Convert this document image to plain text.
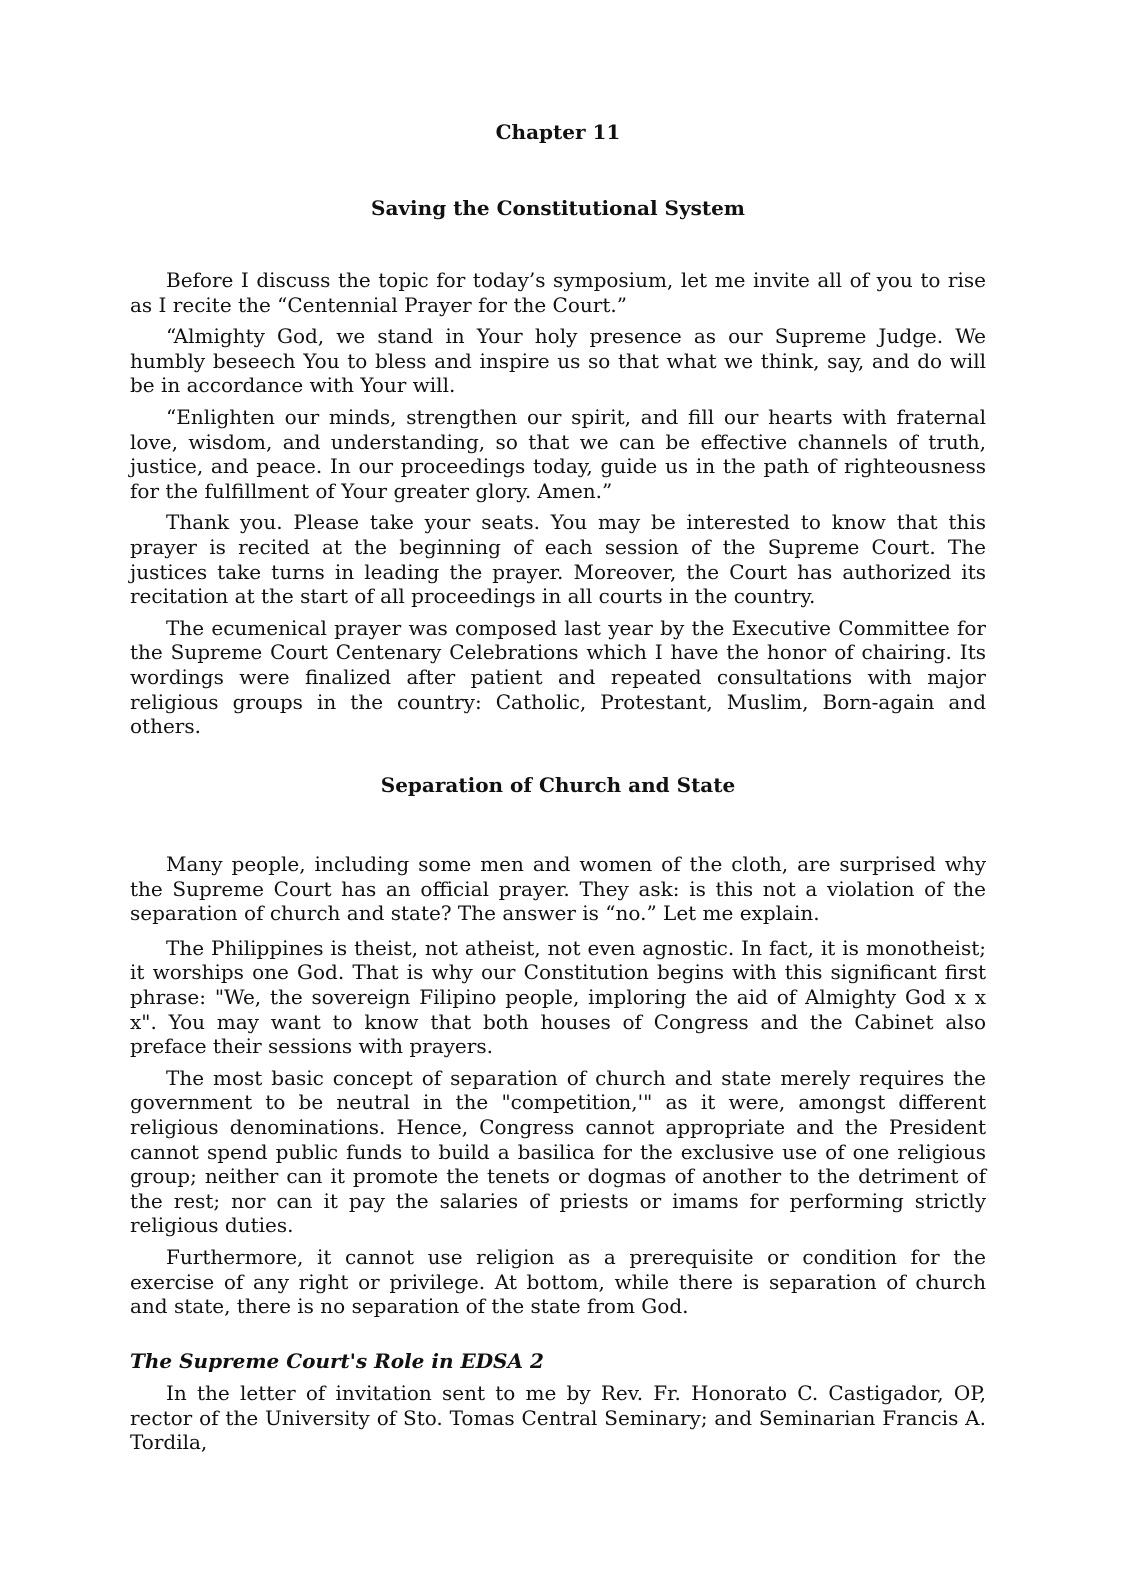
Chapter 11
Saving the Constitutional System

Before I discuss the topic for today’s symposium, let me invite all of you to rise as I recite the “Centennial Prayer for the Court.”

“Almighty God, we stand in Your holy presence as our Supreme Judge. We humbly beseech You to bless and inspire us so that what we think, say, and do will be in accordance with Your will.

“Enlighten our minds, strengthen our spirit, and fill our hearts with fraternal love, wisdom, and understanding, so that we can be effective channels of truth, justice, and peace. In our proceedings today, guide us in the path of righteousness for the fulfillment of Your greater glory. Amen.”

Thank you. Please take your seats. You may be interested to know that this prayer is recited at the beginning of each session of the Supreme Court. The justices take turns in leading the prayer. Moreover, the Court has authorized its recitation at the start of all proceedings in all courts in the country.

The ecumenical prayer was composed last year by the Executive Committee for the Supreme Court Centenary Celebrations which I have the honor of chairing. Its wordings were finalized after patient and repeated consultations with major religious groups in the country: Catholic, Protestant, Muslim, Born-again and others.

Separation of Church and State

Many people, including some men and women of the cloth, are surprised why the Supreme Court has an official prayer. They ask: is this not a violation of the separation of church and state? The answer is “no.” Let me explain.

The Philippines is theist, not atheist, not even agnostic. In fact, it is monotheist; it worships one God. That is why our Constitution begins with this significant first phrase: "We, the sovereign Filipino people, imploring the aid of Almighty God x x x". You may want to know that both houses of Congress and the Cabinet also preface their sessions with prayers.

The most basic concept of separation of church and state merely requires the government to be neutral in the "competition,'" as it were, amongst different religious denominations. Hence, Congress cannot appropriate and the President cannot spend public funds to build a basilica for the exclusive use of one religious group; neither can it promote the tenets or dogmas of another to the detriment of the rest; nor can it pay the salaries of priests or imams for performing strictly religious duties.

Furthermore, it cannot use religion as a prerequisite or condition for the exercise of any right or privilege. At bottom, while there is separation of church and state, there is no separation of the state from God.

The Supreme Court's Role in EDSA 2

In the letter of invitation sent to me by Rev. Fr. Honorato C. Castigador, OP, rector of the University of Sto. Tomas Central Seminary; and Seminarian Francis A. Tordila,
